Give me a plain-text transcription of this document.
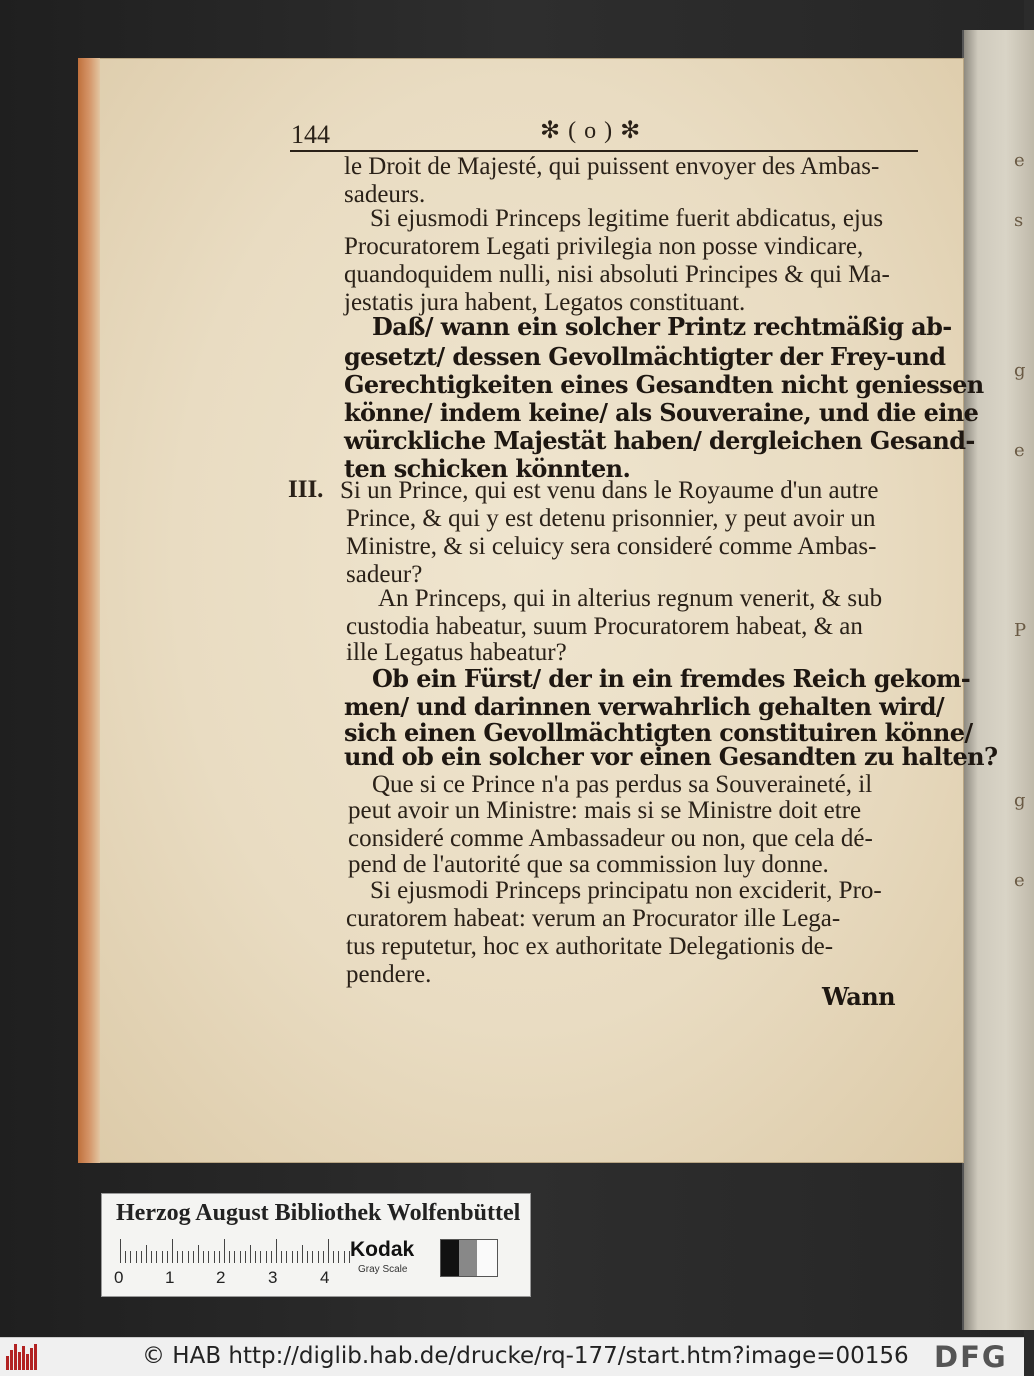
e
s
g
e
P
g
e
144	✻ ( o ) ✻
le Droit de Majesté, qui puissent envoyer des Ambas-
sadeurs.
Si ejusmodi Princeps legitime fuerit abdicatus, ejus
Procuratorem Legati privilegia non posse vindicare,
quandoquidem nulli, nisi absoluti Principes & qui Ma-
jestatis jura habent, Legatos constituant.
Daß/ wann ein solcher Printz rechtmäßig ab-
gesetzt/ dessen Gevollmächtigter der Frey-und
Gerechtigkeiten eines Gesandten nicht geniessen
könne/ indem keine/ als Souveraine, und die eine
würckliche Majestät haben/ dergleichen Gesand-
ten schicken könnten.
Si un Prince, qui est venu dans le Royaume d'un autre
Prince, & qui y est detenu prisonnier, y peut avoir un
Ministre, & si celuicy sera consideré comme Ambas-
sadeur?
An Princeps, qui in alterius regnum venerit, & sub
custodia habeatur, suum Procuratorem habeat, & an
ille Legatus habeatur?
Ob ein Fürst/ der in ein fremdes Reich gekom-
men/ und darinnen verwahrlich gehalten wird/
sich einen Gevollmächtigten constituiren könne/
und ob ein solcher vor einen Gesandten zu halten?
Que si ce Prince n'a pas perdus sa Souveraineté, il
peut avoir un Ministre: mais si se Ministre doit etre
consideré comme Ambassadeur ou non, que cela dé-
pend de l'autorité que sa commission luy donne.
Si ejusmodi Princeps principatu non exciderit, Pro-
curatorem habeat: verum an Procurator ille Lega-
tus reputetur, hoc ex authoritate Delegationis de-
pendere.
III.
Wann
Herzog August Bibliothek Wolfenbüttel
0 1 2	3	4
Kodak
Gray Scale
© HAB http://diglib.hab.de/drucke/rq-177/start.htm?image=00156 DFG
